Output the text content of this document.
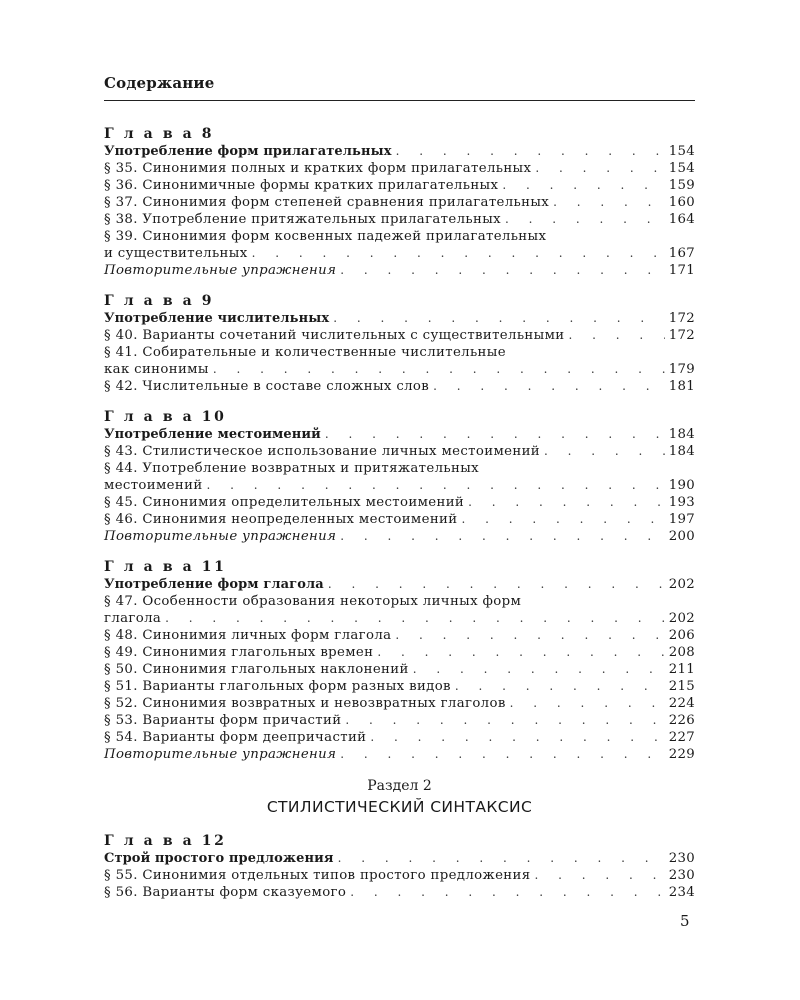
Содержание
Г л а в а 8
Употребление форм прилагательных . . .	154
§ 35. Синонимия полных и кратких форм прилагательных . . .	154
§ 36. Синонимичные формы кратких прилагательных . . .	159
§ 37. Синонимия форм степеней сравнения прилагательных . . .	160
§ 38. Употребление притяжательных прилагательных . . .	164
§ 39. Синонимия форм косвенных падежей прилагательных
и существительных . . .	167
Повторительные упражнения . . .	171
Г л а в а 9
Употребление числительных . . .	172
§ 40. Варианты сочетаний числительных с существительными . . .	172
§ 41. Собирательные и количественные числительные
как синонимы . . .	179
§ 42. Числительные в составе сложных слов . . .	181
Г л а в а 10
Употребление местоимений . . .	184
§ 43. Стилистическое использование личных местоимений . . .	184
§ 44. Употребление возвратных и притяжательных
местоимений . . .	190
§ 45. Синонимия определительных местоимений . . .	193
§ 46. Синонимия неопределенных местоимений . . .	197
Повторительные упражнения . . .	200
Г л а в а 11
Употребление форм глагола . . .	202
§ 47. Особенности образования некоторых личных форм
глагола . . .	202
§ 48. Синонимия личных форм глагола . . .	206
§ 49. Синонимия глагольных времен . . .	208
§ 50. Синонимия глагольных наклонений . . .	211
§ 51. Варианты глагольных форм разных видов . . .	215
§ 52. Синонимия возвратных и невозвратных глаголов . . .	224
§ 53. Варианты форм причастий . . .	226
§ 54. Варианты форм деепричастий . . .	227
Повторительные упражнения . . .	229
Раздел 2
СТИЛИСТИЧЕСКИЙ СИНТАКСИС
Г л а в а 12
Строй простого предложения . . .	230
§ 55. Синонимия отдельных типов простого предложения . . .	230
§ 56. Варианты форм сказуемого . . .	234
5
